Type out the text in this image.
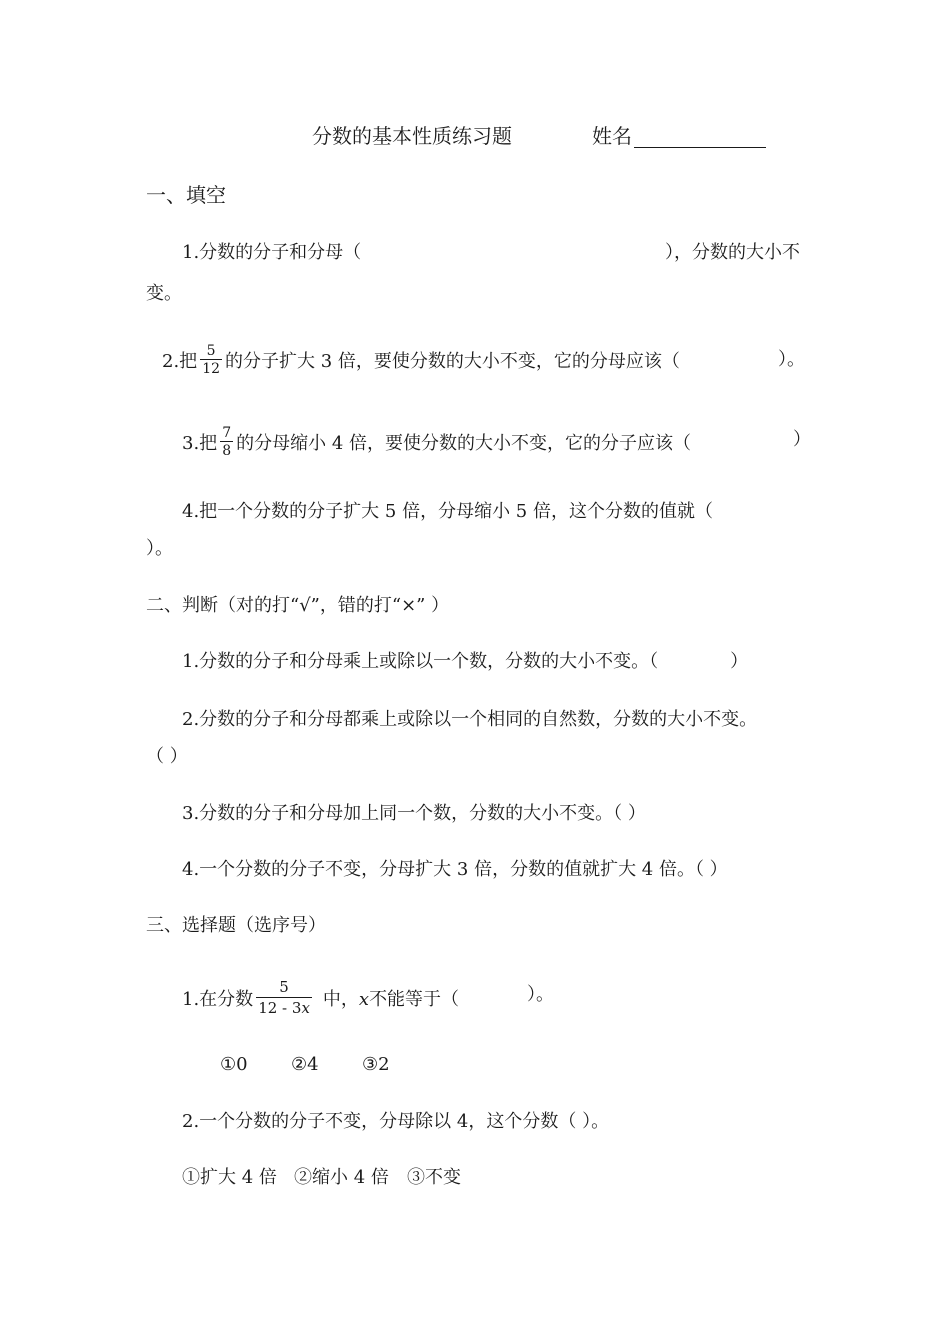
分数的基本性质练习题	姓名
一、填空
1.分数的分子和分母（	），分数的大小不
变。
2.把 $\frac{5}{12}$ 的分子扩大 3 倍，要使分数的大小不变，它的分母应该（	）。
3.把 $\frac{7}{8}$ 的分母缩小 4 倍，要使分数的大小不变，它的分子应该（	）
4.把一个分数的分子扩大 5 倍，分母缩小 5 倍，这个分数的值就（
）。
二、判断（对的打“√”，错的打“×” ）
1.分数的分子和分母乘上或除以一个数，分数的大小不变。（　　　　）
2.分数的分子和分母都乘上或除以一个相同的自然数，分数的大小不变。
（ ）
3.分数的分子和分母加上同一个数，分数的大小不变。（ ）
4.一个分数的分子不变，分母扩大 3 倍，分数的值就扩大 4 倍。（ ）
三、选择题（选序号）
1.在分数 $\frac{5}{12 - 3x}$ 中，x不能等于（	）。
①0 ②4 ③2
2.一个分数的分子不变，分母除以 4，这个分数（ ）。
①扩大 4 倍 ②缩小 4 倍 ③不变
